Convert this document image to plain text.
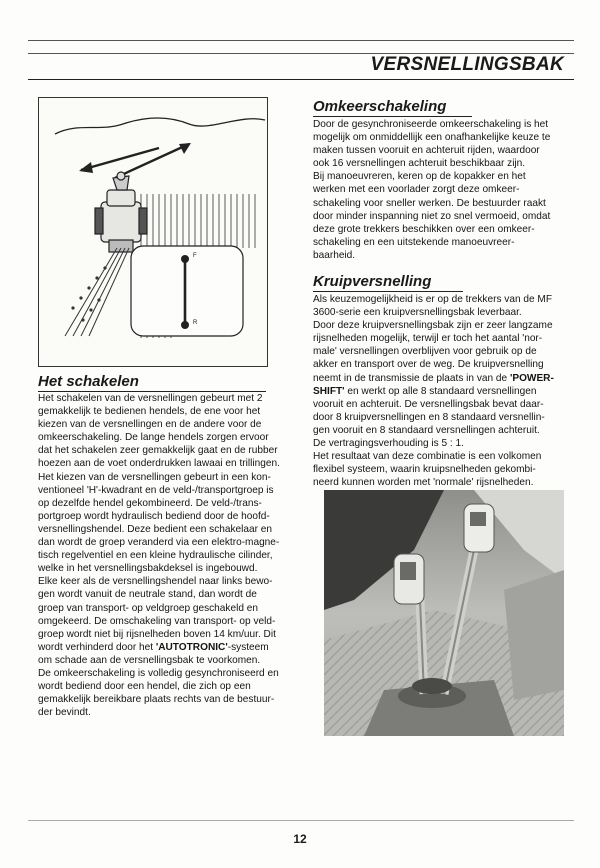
VERSNELLINGSBAK
F
R
Omkeerschakeling

Door de gesynchroniseerde omkeerschakeling is het
mogelijk om onmiddellijk een onafhankelijke keuze te
maken tussen vooruit en achteruit rijden, waardoor
ook 16 versnellingen achteruit beschikbaar zijn.
Bij manoeuvreren, keren op de kopakker en het
werken met een voorlader zorgt deze omkeer-
schakeling voor sneller werken. De bestuurder raakt
door minder inspanning niet zo snel vermoeid, omdat
deze grote trekkers beschikken over een omkeer-
schakeling en een uitstekende manoeuvreer-
baarheid.

Kruipversnelling

Als keuzemogelijkheid is er op de trekkers van de MF
3600-serie een kruipversnellingsbak leverbaar.
Door deze kruipversnellingsbak zijn er zeer langzame
rijsnelheden mogelijk, terwijl er toch het aantal 'nor-
male' versnellingen overblijven voor gebruik op de
akker en transport over de weg. De kruipversnelling
neemt in de transmissie de plaats in van de 'POWER-
SHIFT' en werkt op alle 8 standaard versnellingen
vooruit en achteruit. De versnellingsbak bevat daar-
door 8 kruipversnellingen en 8 standaard versnellin-
gen vooruit en 8 standaard versnellingen achteruit.
De vertragingsverhouding is 5 : 1.
Het resultaat van deze combinatie is een volkomen
flexibel systeem, waarin kruipsnelheden gekombi-
neerd kunnen worden met 'normale' rijsnelheden.

Het schakelen

Het schakelen van de versnellingen gebeurt met 2
gemakkelijk te bedienen hendels, de ene voor het
kiezen van de versnellingen en de andere voor de
omkeerschakeling. De lange hendels zorgen ervoor
dat het schakelen zeer gemakkelijk gaat en de rubber
hoezen aan de voet onderdrukken lawaai en trillingen.
Het kiezen van de versnellingen gebeurt in een kon-
ventioneel 'H'-kwadrant en de veld-/transportgroep is
op dezelfde hendel gekombineerd. De veld-/trans-
portgroep wordt hydraulisch bediend door de hoofd-
versnellingshendel. Deze bedient een schakelaar en
dan wordt de groep veranderd via een elektro-magne-
tisch regelventiel en een kleine hydraulische cilinder,
welke in het versnellingsbakdeksel is ingebouwd.
Elke keer als de versnellingshendel naar links bewo-
gen wordt vanuit de neutrale stand, dan wordt de
groep van transport- op veldgroep geschakeld en
omgekeerd. De omschakeling van transport- op veld-
groep wordt niet bij rijsnelheden boven 14 km/uur. Dit
wordt verhinderd door het 'AUTOTRONIC'-systeem
om schade aan de versnellingsbak te voorkomen.
De omkeerschakeling is volledig gesynchroniseerd en
wordt bediend door een hendel, die zich op een
gemakkelijk bereikbare plaats rechts van de bestuur-
der bevindt.

12
